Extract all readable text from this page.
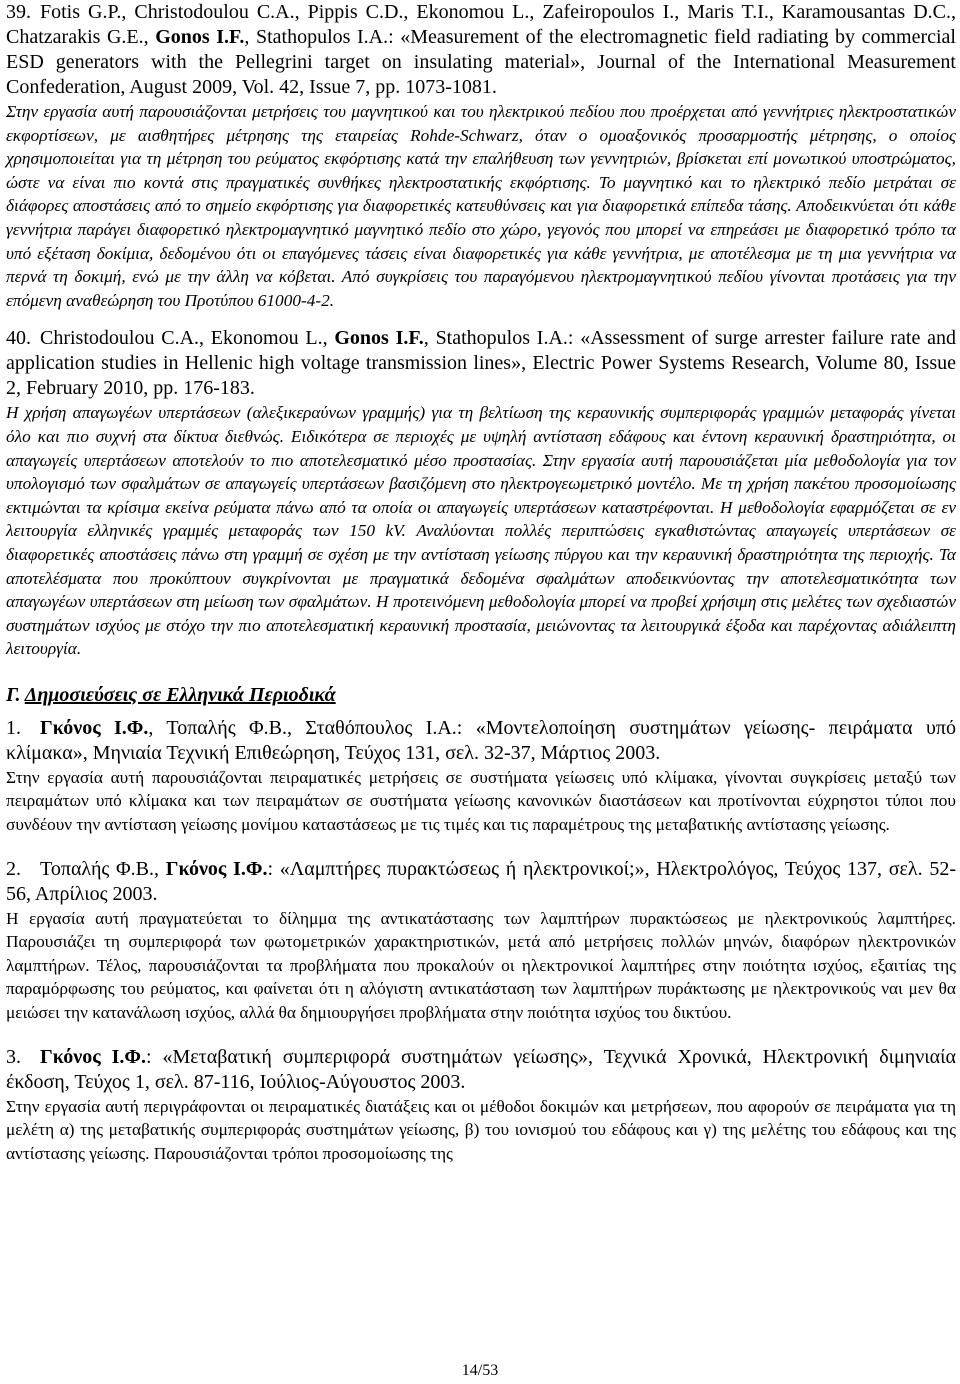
39. Fotis G.P., Christodoulou C.A., Pippis C.D., Ekonomou L., Zafeiropoulos I., Maris T.I., Karamousantas D.C., Chatzarakis G.E., Gonos I.F., Stathopulos I.A.: «Measurement of the electromagnetic field radiating by commercial ESD generators with the Pellegrini target on insulating material», Journal of the International Measurement Confederation, August 2009, Vol. 42, Issue 7, pp. 1073-1081.

Στην εργασία αυτή παρουσιάζονται μετρήσεις του μαγνητικού και του ηλεκτρικού πεδίου που προέρχεται από γεννήτριες ηλεκτροστατικών εκφορτίσεων, με αισθητήρες μέτρησης της εταιρείας Rohde-Schwarz, όταν ο ομοαξονικός προσαρμοστής μέτρησης, ο οποίος χρησιμοποιείται για τη μέτρηση του ρεύματος εκφόρτισης κατά την επαλήθευση των γεννητριών, βρίσκεται επί μονωτικού υποστρώματος, ώστε να είναι πιο κοντά στις πραγματικές συνθήκες ηλεκτροστατικής εκφόρτισης. Το μαγνητικό και το ηλεκτρικό πεδίο μετράται σε διάφορες αποστάσεις από το σημείο εκφόρτισης για διαφορετικές κατευθύνσεις και για διαφορετικά επίπεδα τάσης. Αποδεικνύεται ότι κάθε γεννήτρια παράγει διαφορετικό ηλεκτρομαγνητικό μαγνητικό πεδίο στο χώρο, γεγονός που μπορεί να επηρεάσει με διαφορετικό τρόπο τα υπό εξέταση δοκίμια, δεδομένου ότι οι επαγόμενες τάσεις είναι διαφορετικές για κάθε γεννήτρια, με αποτέλεσμα με τη μια γεννήτρια να περνά τη δοκιμή, ενώ με την άλλη να κόβεται. Από συγκρίσεις του παραγόμενου ηλεκτρομαγνητικού πεδίου γίνονται προτάσεις για την επόμενη αναθεώρηση του Προτύπου 61000-4-2.

40. Christodoulou C.A., Ekonomou L., Gonos I.F., Stathopulos I.A.: «Assessment of surge arrester failure rate and application studies in Hellenic high voltage transmission lines», Electric Power Systems Research, Volume 80, Issue 2, February 2010, pp. 176-183.

Η χρήση απαγωγέων υπερτάσεων (αλεξικεραύνων γραμμής) για τη βελτίωση της κεραυνικής συμπεριφοράς γραμμών μεταφοράς γίνεται όλο και πιο συχνή στα δίκτυα διεθνώς. Ειδικότερα σε περιοχές με υψηλή αντίσταση εδάφους και έντονη κεραυνική δραστηριότητα, οι απαγωγείς υπερτάσεων αποτελούν το πιο αποτελεσματικό μέσο προστασίας. Στην εργασία αυτή παρουσιάζεται μία μεθοδολογία για τον υπολογισμό των σφαλμάτων σε απαγωγείς υπερτάσεων βασιζόμενη στο ηλεκτρογεωμετρικό μοντέλο. Με τη χρήση πακέτου προσομοίωσης εκτιμώνται τα κρίσιμα εκείνα ρεύματα πάνω από τα οποία οι απαγωγείς υπερτάσεων καταστρέφονται. Η μεθοδολογία εφαρμόζεται σε εν λειτουργία ελληνικές γραμμές μεταφοράς των 150 kV. Αναλύονται πολλές περιπτώσεις εγκαθιστώντας απαγωγείς υπερτάσεων σε διαφορετικές αποστάσεις πάνω στη γραμμή σε σχέση με την αντίσταση γείωσης πύργου και την κεραυνική δραστηριότητα της περιοχής. Τα αποτελέσματα που προκύπτουν συγκρίνονται με πραγματικά δεδομένα σφαλμάτων αποδεικνύοντας την αποτελεσματικότητα των απαγωγέων υπερτάσεων στη μείωση των σφαλμάτων. Η προτεινόμενη μεθοδολογία μπορεί να προβεί χρήσιμη στις μελέτες των σχεδιαστών συστημάτων ισχύος με στόχο την πιο αποτελεσματική κεραυνική προστασία, μειώνοντας τα λειτουργικά έξοδα και παρέχοντας αδιάλειπτη λειτουργία.

Γ. Δημοσιεύσεις σε Ελληνικά Περιοδικά
1. Γκόνος Ι.Φ., Τοπαλής Φ.Β., Σταθόπουλος Ι.Α.: «Μοντελοποίηση συστημάτων γείωσης- πειράματα υπό κλίμακα», Μηνιαία Τεχνική Επιθεώρηση, Τεύχος 131, σελ. 32-37, Μάρτιος 2003.

Στην εργασία αυτή παρουσιάζονται πειραματικές μετρήσεις σε συστήματα γείωσεις υπό κλίμακα, γίνονται συγκρίσεις μεταξύ των πειραμάτων υπό κλίμακα και των πειραμάτων σε συστήματα γείωσης κανονικών διαστάσεων και προτίνονται εύχρηστοι τύποι που συνδέουν την αντίσταση γείωσης μονίμου καταστάσεως με τις τιμές και τις παραμέτρους της μεταβατικής αντίστασης γείωσης.

2. Τοπαλής Φ.Β., Γκόνος Ι.Φ.: «Λαμπτήρες πυρακτώσεως ή ηλεκτρονικοί;», Ηλεκτρολόγος, Τεύχος 137, σελ. 52-56, Απρίλιος 2003.

Η εργασία αυτή πραγματεύεται το δίλημμα της αντικατάστασης των λαμπτήρων πυρακτώσεως με ηλεκτρονικούς λαμπτήρες. Παρουσιάζει τη συμπεριφορά των φωτομετρικών χαρακτηριστικών, μετά από μετρήσεις πολλών μηνών, διαφόρων ηλεκτρονικών λαμπτήρων. Τέλος, παρουσιάζονται τα προβλήματα που προκαλούν οι ηλεκτρονικοί λαμπτήρες στην ποιότητα ισχύος, εξαιτίας της παραμόρφωσης του ρεύματος, και φαίνεται ότι η αλόγιστη αντικατάσταση των λαμπτήρων πυράκτωσης με ηλεκτρονικούς ναι μεν θα μειώσει την κατανάλωση ισχύος, αλλά θα δημιουργήσει προβλήματα στην ποιότητα ισχύος του δικτύου.

3. Γκόνος Ι.Φ.: «Μεταβατική συμπεριφορά συστημάτων γείωσης», Τεχνικά Χρονικά, Ηλεκτρονική διμηνιαία έκδοση, Τεύχος 1, σελ. 87-116, Ιούλιος-Αύγουστος 2003.

Στην εργασία αυτή περιγράφονται οι πειραματικές διατάξεις και οι μέθοδοι δοκιμών και μετρήσεων, που αφορούν σε πειράματα για τη μελέτη α) της μεταβατικής συμπεριφοράς συστημάτων γείωσης, β) του ιονισμού του εδάφους και γ) της μελέτης του εδάφους και της αντίστασης γείωσης. Παρουσιάζονται τρόποι προσομοίωσης της

14/53
